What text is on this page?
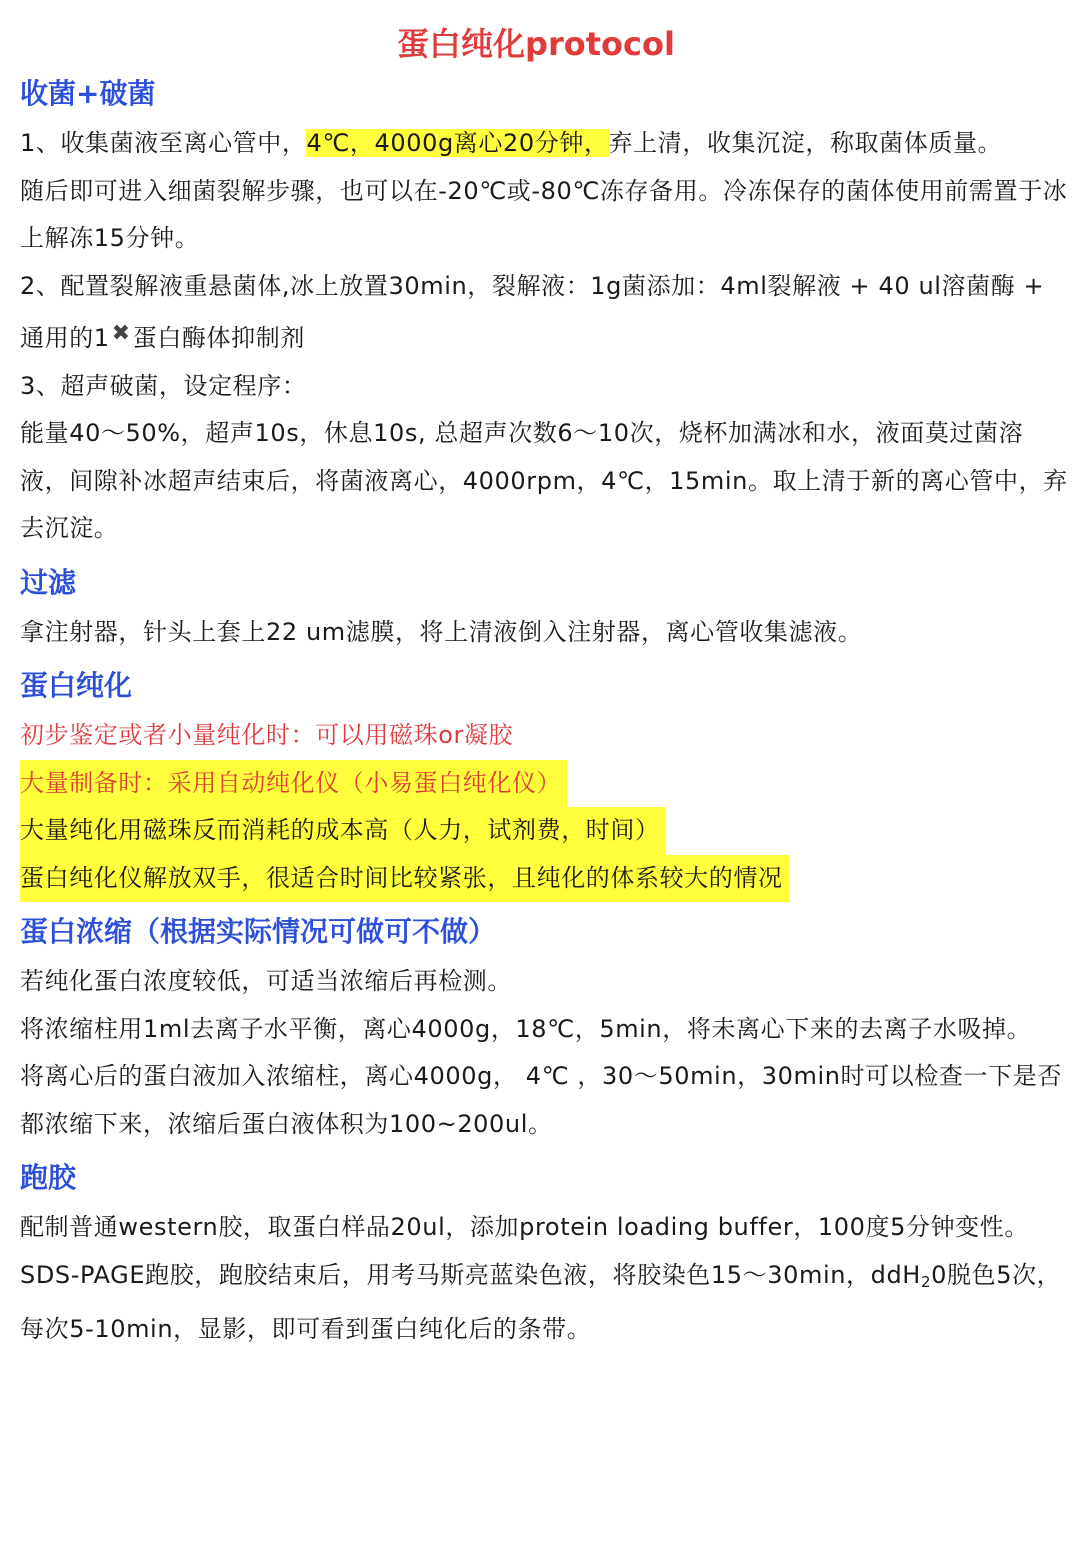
蛋白纯化protocol
收菌+破菌

1、收集菌液至离心管中，4℃，4000g离心20分钟，弃上清，收集沉淀，称取菌体质量。

随后即可进入细菌裂解步骤，也可以在-20℃或-80℃冻存备用。冷冻保存的菌体使用前需置于冰上解冻15分钟。

2、配置裂解液重悬菌体,冰上放置30min，裂解液：1g菌添加：4ml裂解液 + 40 ul溶菌酶 + 通用的1✖蛋白酶体抑制剂

3、超声破菌，设定程序：

能量40～50%，超声10s，休息10s, 总超声次数6～10次，烧杯加满冰和水，液面莫过菌溶液，间隙补冰超声结束后，将菌液离心，4000rpm，4℃，15min。取上清于新的离心管中，弃去沉淀。

过滤

拿注射器，针头上套上22 um滤膜，将上清液倒入注射器，离心管收集滤液。

蛋白纯化

初步鉴定或者小量纯化时：可以用磁珠or凝胶

大量制备时：采用自动纯化仪（小易蛋白纯化仪）

大量纯化用磁珠反而消耗的成本高（人力，试剂费，时间）

蛋白纯化仪解放双手，很适合时间比较紧张，且纯化的体系较大的情况

蛋白浓缩（根据实际情况可做可不做）

若纯化蛋白浓度较低，可适当浓缩后再检测。

将浓缩柱用1ml去离子水平衡，离心4000g，18℃，5min，将未离心下来的去离子水吸掉。

将离心后的蛋白液加入浓缩柱，离心4000g， 4℃ ，30～50min，30min时可以检查一下是否都浓缩下来，浓缩后蛋白液体积为100~200ul。

跑胶

配制普通western胶，取蛋白样品20ul，添加protein loading buffer，100度5分钟变性。

SDS-PAGE跑胶，跑胶结束后，用考马斯亮蓝染色液，将胶染色15～30min，ddH$_2$0脱色5次，每次5-10min，显影，即可看到蛋白纯化后的条带。
